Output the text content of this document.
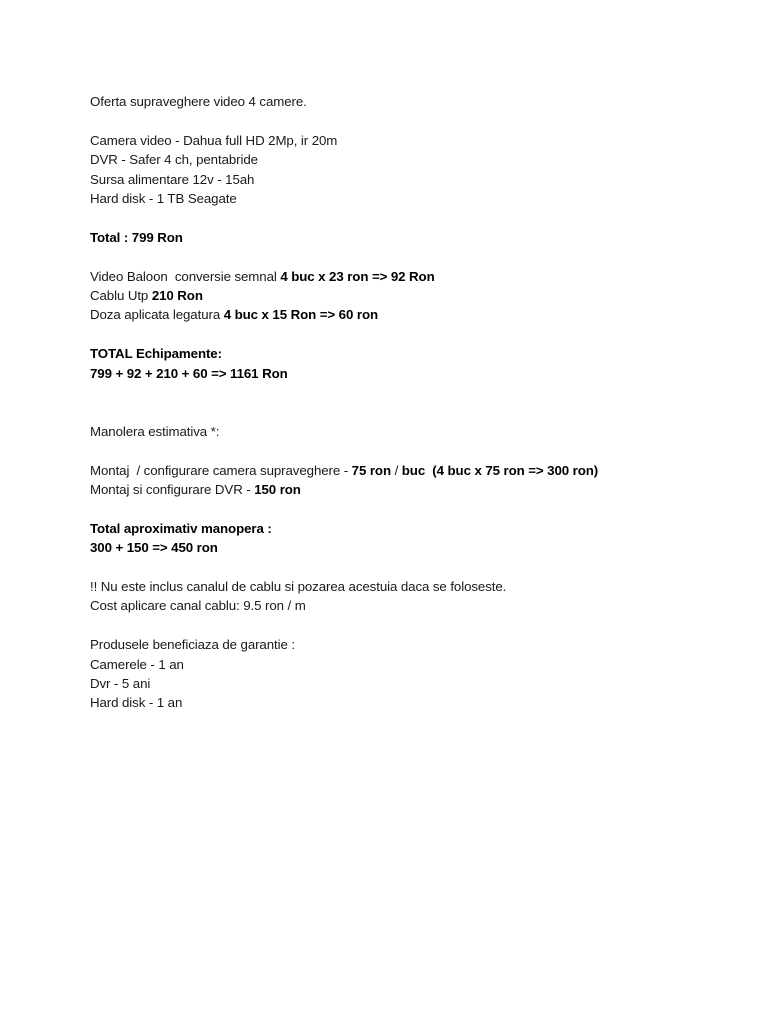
Oferta supraveghere video 4 camere.
Camera video - Dahua full HD 2Mp, ir 20m
DVR - Safer 4 ch, pentabride
Sursa alimentare 12v - 15ah
Hard disk - 1 TB Seagate
Total : 799 Ron
Video Baloon  conversie semnal 4 buc x 23 ron => 92 Ron
Cablu Utp 210 Ron
Doza aplicata legatura 4 buc x 15 Ron => 60 ron
TOTAL Echipamente:
799 + 92 + 210 + 60 => 1161 Ron
Manolera estimativa *:
Montaj  / configurare camera supraveghere - 75 ron / buc  (4 buc x 75 ron => 300 ron)
Montaj si configurare DVR - 150 ron
Total aproximativ manopera :
300 + 150 => 450 ron
!! Nu este inclus canalul de cablu si pozarea acestuia daca se foloseste.
Cost aplicare canal cablu: 9.5 ron / m
Produsele beneficiaza de garantie :
Camerele - 1 an
Dvr - 5 ani
Hard disk - 1 an
